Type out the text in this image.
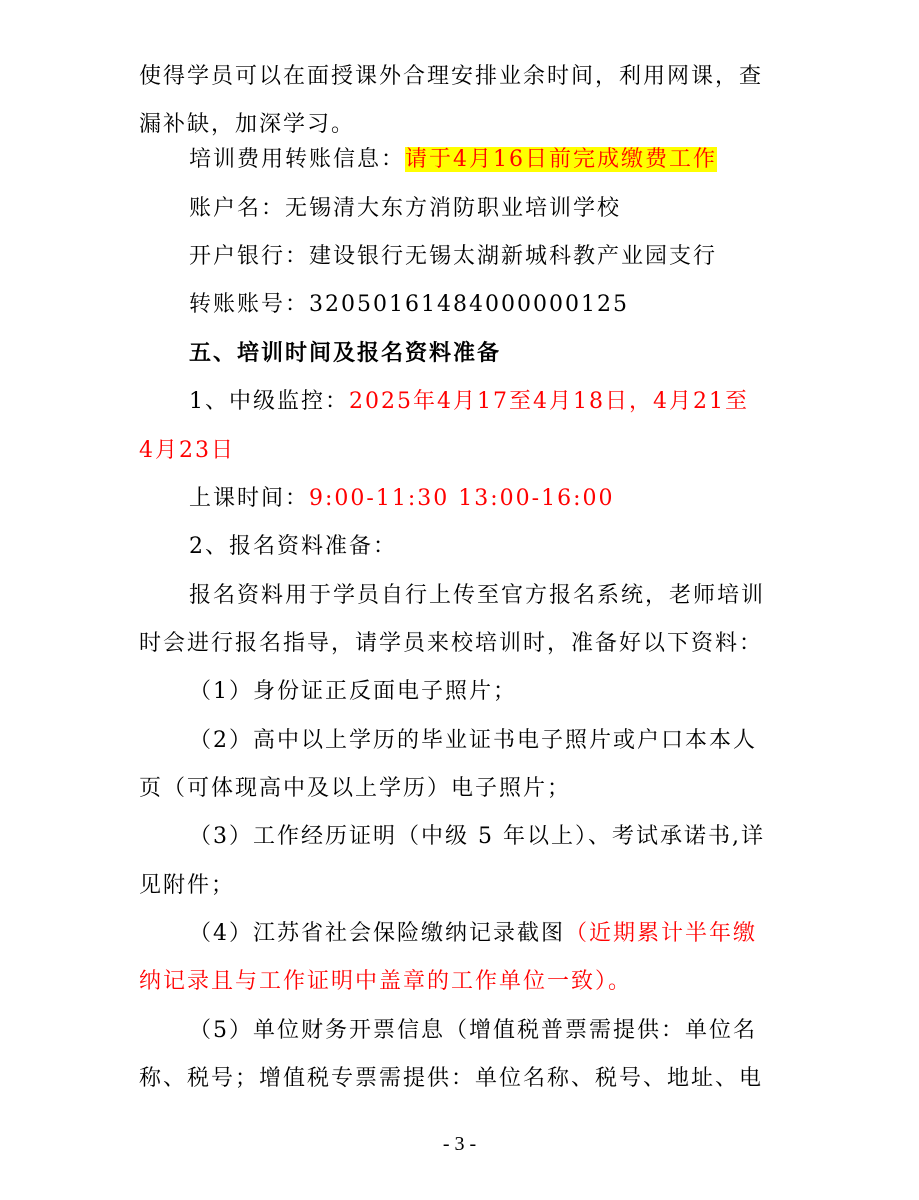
使得学员可以在面授课外合理安排业余时间，利用网课，查
漏补缺，加深学习。
培训费用转账信息：请于4月16日前完成缴费工作
账户名：无锡清大东方消防职业培训学校
开户银行：建设银行无锡太湖新城科教产业园支行
转账账号：32050161484000000125
五、培训时间及报名资料准备
1、中级监控：2025年4月17至4月18日，4月21至
4月23日
上课时间：9:00-11:30 13:00-16:00
2、报名资料准备：
报名资料用于学员自行上传至官方报名系统，老师培训
时会进行报名指导，请学员来校培训时，准备好以下资料：
（1）身份证正反面电子照片；
（2）高中以上学历的毕业证书电子照片或户口本本人
页（可体现高中及以上学历）电子照片；
（3）工作经历证明（中级 5 年以上）、考试承诺书,详
见附件；
（4）江苏省社会保险缴纳记录截图（近期累计半年缴
纳记录且与工作证明中盖章的工作单位一致）。
（5）单位财务开票信息（增值税普票需提供：单位名
称、税号；增值税专票需提供：单位名称、税号、地址、电
- 3 -
